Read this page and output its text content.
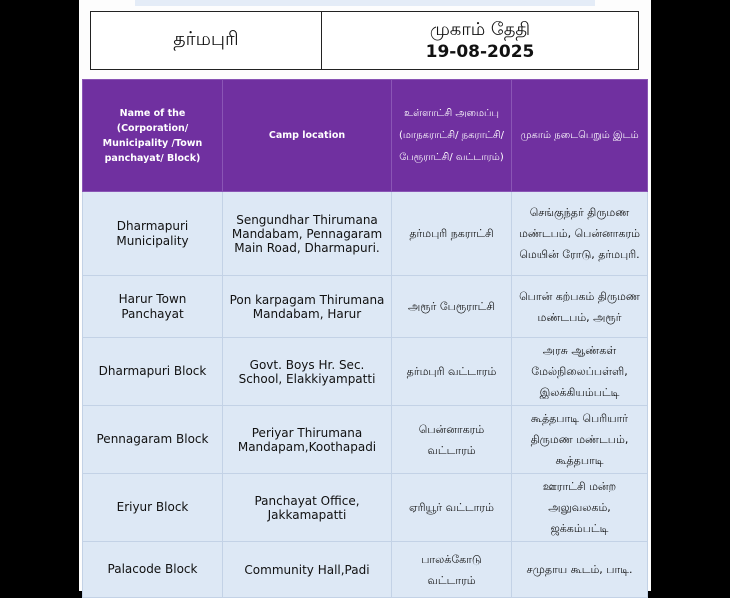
தர்மபுரி	முகாம் தேதி
19-08-2025
Name of the (Corporation/ Municipality /Town panchayat/ Block)	Camp location	உள்ளாட்சி அமைப்பு (மாநகராட்சி/ நகராட்சி/ பேரூராட்சி/ வட்டாரம்)	முகாம் நடைபெறும் இடம்
Dharmapuri Municipality	Sengundhar Thirumana Mandabam, Pennagaram Main Road, Dharmapuri.	தர்மபுரி நகராட்சி	செங்குந்தர் திருமண மண்டபம், பென்னாகரம் மெயின் ரோடு, தர்மபுரி.
Harur Town Panchayat	Pon karpagam Thirumana Mandabam, Harur	அரூர் பேரூராட்சி	பொன் கற்பகம் திருமண மண்டபம், அரூர்
Dharmapuri Block	Govt. Boys Hr. Sec. School, Elakkiyampatti	தர்மபுரி வட்டாரம்	அரசு ஆண்கள் மேல்நிலைப்பள்ளி, இலக்கியம்பட்டி
Pennagaram Block	Periyar Thirumana Mandapam,Koothapadi	பென்னாகரம் வட்டாரம்	கூத்தபாடி பெரியார் திருமண மண்டபம், கூத்தபாடி
Eriyur Block	Panchayat Office, Jakkamapatti	ஏரியூர் வட்டாரம்	ஊராட்சி மன்ற அலுவலகம், ஜக்கம்பட்டி
Palacode Block	Community Hall,Padi	பாலக்கோடு வட்டாரம்	சமுதாய கூடம், பாடி.
